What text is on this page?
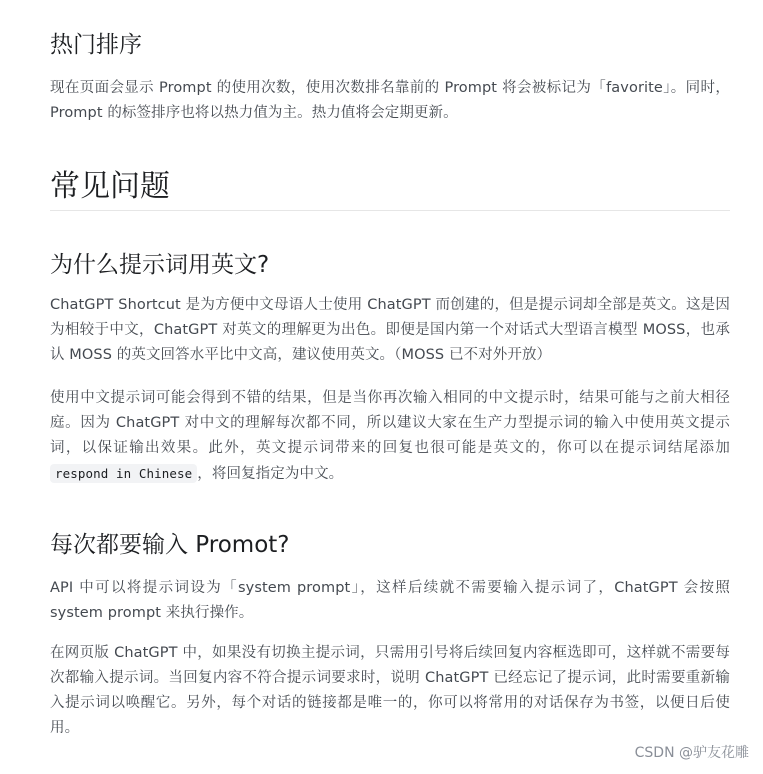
热门排序

现在页面会显示 Prompt 的使用次数，使用次数排名靠前的 Prompt 将会被标记为「favorite」。同时，Prompt 的标签排序也将以热力值为主。热力值将会定期更新。

常见问题
为什么提示词用英文?

ChatGPT Shortcut 是为方便中文母语人士使用 ChatGPT 而创建的，但是提示词却全部是英文。这是因为相较于中文，ChatGPT 对英文的理解更为出色。即便是国内第一个对话式大型语言模型 MOSS，也承认 MOSS 的英文回答水平比中文高，建议使用英文。（MOSS 已不对外开放）

使用中文提示词可能会得到不错的结果，但是当你再次输入相同的中文提示时，结果可能与之前大相径庭。因为 ChatGPT 对中文的理解每次都不同，所以建议大家在生产力型提示词的输入中使用英文提示词，以保证输出效果。此外，英文提示词带来的回复也很可能是英文的，你可以在提示词结尾添加 respond in Chinese ，将回复指定为中文。

每次都要输入 Promot?

API 中可以将提示词设为「system prompt」，这样后续就不需要输入提示词了，ChatGPT 会按照 system prompt 来执行操作。

在网页版 ChatGPT 中，如果没有切换主提示词，只需用引号将后续回复内容框选即可，这样就不需要每次都输入提示词。当回复内容不符合提示词要求时，说明 ChatGPT 已经忘记了提示词，此时需要重新输入提示词以唤醒它。另外，每个对话的链接都是唯一的，你可以将常用的对话保存为书签，以便日后使用。

CSDN @驴友花雕
